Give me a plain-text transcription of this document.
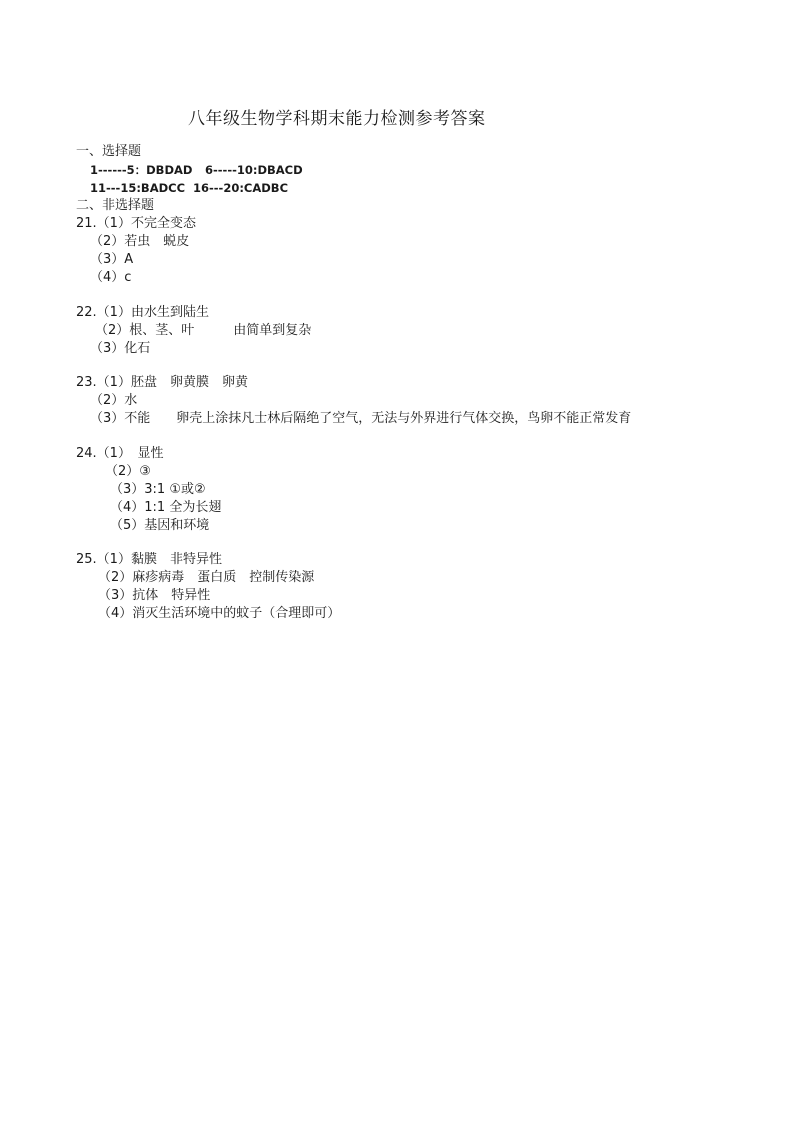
八年级生物学科期末能力检测参考答案
一、选择题
1------5：DBDAD 6-----10:DBACD
11---15:BADCC 16---20:CADBC
二、非选择题
21.（1）不完全变态
（2）若虫　蜕皮
（3）A
（4）c
22.（1）由水生到陆生
（2）根、茎、叶　　　由简单到复杂
（3）化石
23.（1）胚盘　卵黄膜　卵黄
（2）水
（3）不能　　卵壳上涂抹凡士林后隔绝了空气，无法与外界进行气体交换，鸟卵不能正常发育
24.（1）　显性
（2）③
（3）3:1 ①或②
（4）1:1 全为长翅
（5）基因和环境
25.（1）黏膜　非特异性
（2）麻疹病毒　蛋白质　控制传染源
（3）抗体　特异性
（4）消灭生活环境中的蚊子（合理即可）
